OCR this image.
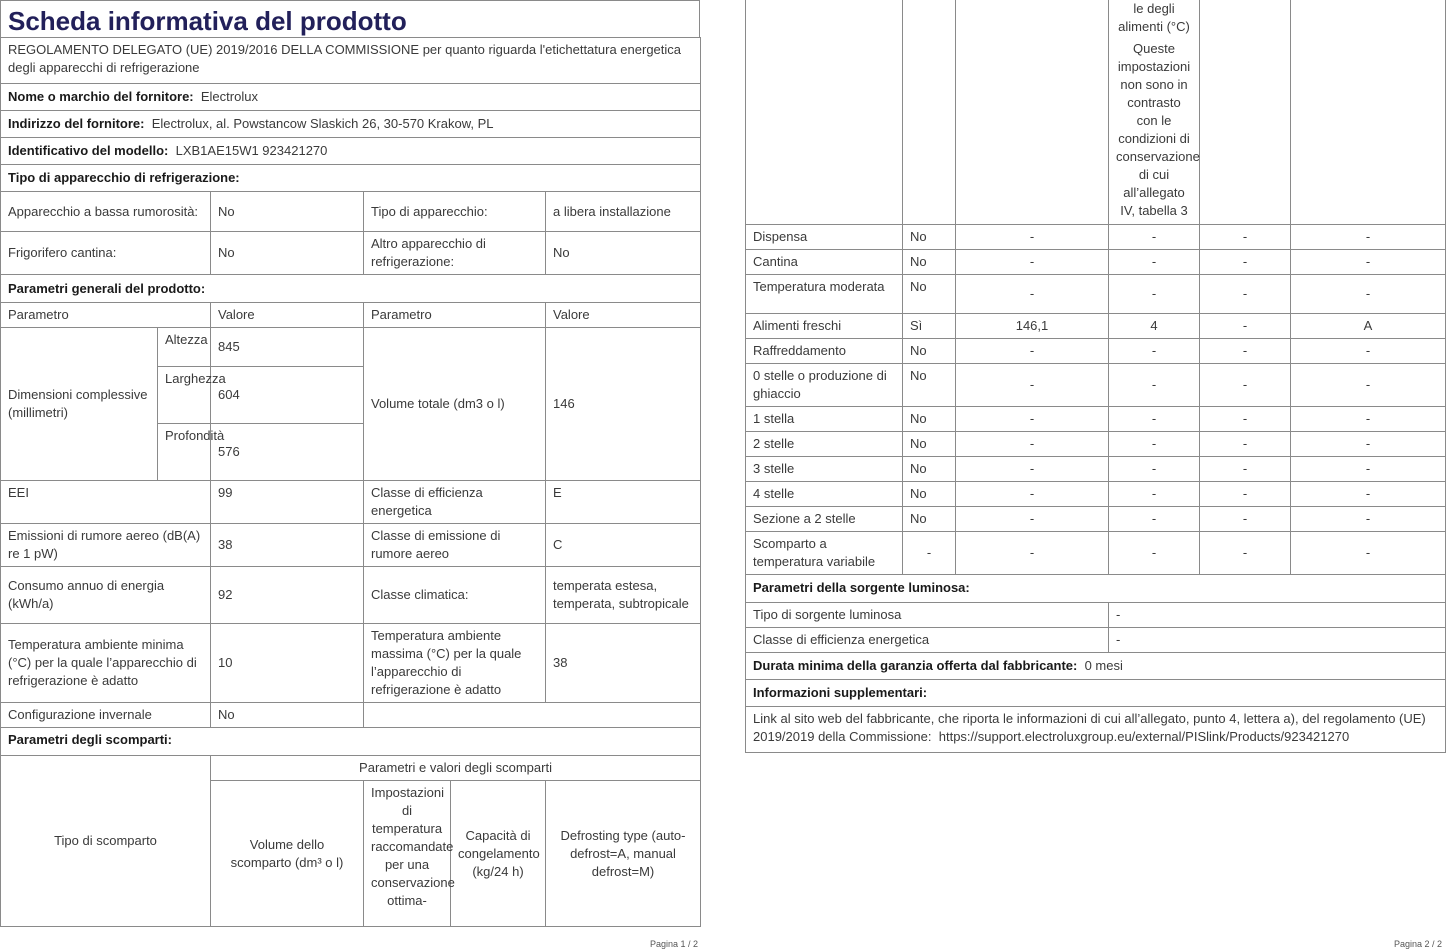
Scheda informativa del prodotto
REGOLAMENTO DELEGATO (UE) 2019/2016 DELLA COMMISSIONE per quanto riguarda l'etichettatura energetica degli apparecchi di refrigerazione					
Nome o marchio del fornitore: Electrolux					
Indirizzo del fornitore: Electrolux, al. Powstancow Slaskich 26, 30-570 Krakow, PL					
Identificativo del modello: LXB1AE15W1 923421270					
Tipo di apparecchio di refrigerazione:					
Apparecchio a bassa rumorosità:		No	Tipo di apparecchio:		a libera installazione
Frigorifero cantina:		No	Altro apparecchio di refrigerazione:		No
Parametri generali del prodotto:					
Parametro		Valore	Parametro		Valore
Dimensioni complessive (millimetri)	Altezza	845	Volume totale (dm3 o l)		146
	Larghezza	604			
	Profondità	576			
EEI		99	Classe di efficienza energetica		E
Emissioni di rumore aereo (dB(A) re 1 pW)		38	Classe di emissione di rumore aereo		C
Consumo annuo di energia (kWh/a)		92	Classe climatica:		temperata estesa, temperata, subtropicale
Temperatura ambiente minima (°C) per la quale l’apparecchio di refrigerazione è adatto		10	Temperatura ambiente massima (°C) per la quale l’apparecchio di refrigerazione è adatto		38
Configurazione invernale		No			
Parametri degli scomparti:					
Tipo di scomparto		Parametri e valori degli scomparti			
		Volume dello scomparto (dm³ o l)	Impostazioni di temperatura raccomandate per una conservazione ottima-	Capacità di congelamento (kg/24 h)	Defrosting type (auto-defrost=A, manual defrost=M)
Pagina 1 / 2

			le degli alimenti (°C)
Queste impostazioni non sono in contrasto con le condizioni di conservazione di cui all’allegato IV, tabella 3		

Dispensa	No	-	-	-	-
Cantina	No	-	-	-	-
Temperatura moderata	No	-	-	-	-
Alimenti freschi	Sì	146,1	4	-	A
Raffreddamento	No	-	-	-	-
0 stelle o produzione di ghiaccio	No	-	-	-	-
1 stella	No	-	-	-	-
2 stelle	No	-	-	-	-
3 stelle	No	-	-	-	-
4 stelle	No	-	-	-	-
Sezione a 2 stelle	No	-	-	-	-
Scomparto a temperatura variabile	-	-	-	-	-
Parametri della sorgente luminosa:					
Tipo di sorgente luminosa			-		
Classe di efficienza energetica			-		
Durata minima della garanzia offerta dal fabbricante: 0 mesi					
Informazioni supplementari:					
Link al sito web del fabbricante, che riporta le informazioni di cui all’allegato, punto 4, lettera a), del regolamento (UE) 2019/2019 della Commissione: https://support.electroluxgroup.eu/external/PISlink/Products/923421270					
Pagina 2 / 2
